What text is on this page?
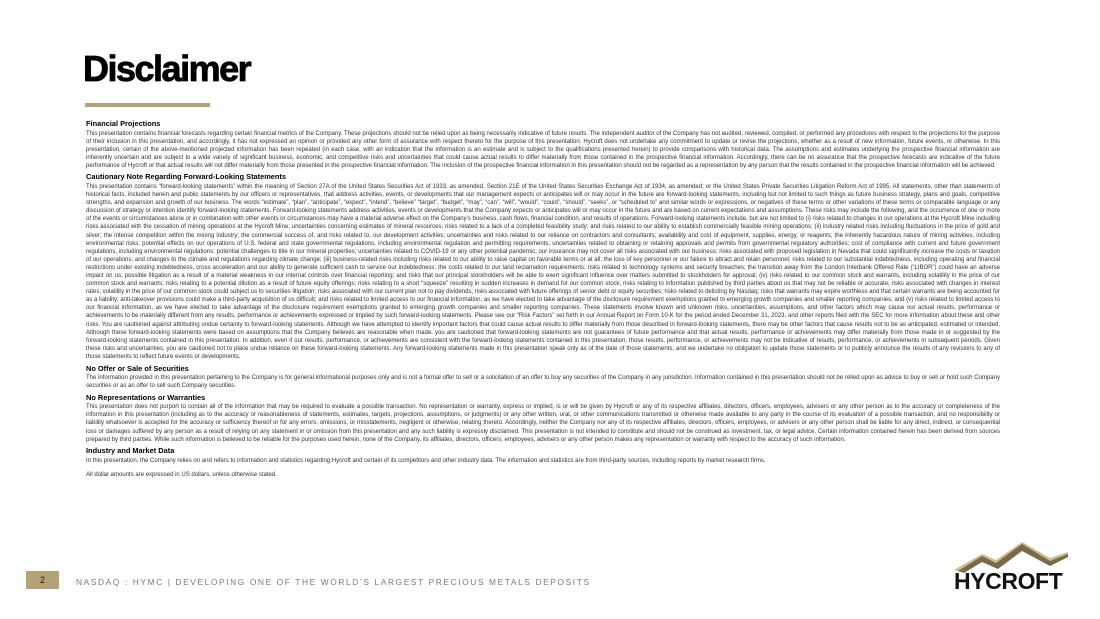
Disclaimer
Financial Projections

This presentation contains financial forecasts regarding certain financial metrics of the Company. These projections should not be relied upon as being necessarily indicative of future results. The independent auditor of the Company has not audited, reviewed, compiled, or performed any procedures with respect to the projections for the purpose of their inclusion in this presentation, and accordingly, it has not expressed an opinion or provided any other form of assurance with respect thereto for the purpose of this presentation. Hycroft does not undertake any commitment to update or revise the projections, whether as a result of new information, future events, or otherwise. In this presentation, certain of the above-mentioned projected information has been repeated (in each case, with an indication that the information is an estimate and is subject to the qualifications presented herein) to provide comparisons with historical data. The assumptions and estimates underlying the prospective financial information are inherently uncertain and are subject to a wide variety of significant business, economic, and competitive risks and uncertainties that could cause actual results to differ materially from those contained in the prospective financial information. Accordingly, there can be no assurance that the prospective forecasts are indicative of the future performance of Hycroft or that actual results will not differ materially from those presented in the prospective financial information. The inclusion of the prospective financial information in this presentation should not be regarded as a representation by any person that the results contained in the prospective financial information will be achieved.

Cautionary Note Regarding Forward-Looking Statements

This presentation contains “forward-looking statements” within the meaning of Section 27A of the United States Securities Act of 1933, as amended, Section 21E of the United States Securities Exchange Act of 1934, as amended; or the United States Private Securities Litigation Reform Act of 1995. All statements, other than statements of historical facts, included herein and public statements by our officers or representatives, that address activities, events, or developments that our management expects or anticipates will or may occur in the future are forward-looking statements, including but not limited to such things as future business strategy, plans and goals, competitive strengths, and expansion and growth of our business. The words “estimate”, “plan”, “anticipate”, “expect”, “intend”, “believe” “target”, “budget”, “may”, “can”, “will”, “would”, “could”, “should”, “seeks”, or “scheduled to” and similar words or expressions, or negatives of these terms or other variations of these terms or comparable language or any discussion of strategy or intention identify forward-looking statements. Forward-looking statements address activities, events or developments that the Company expects or anticipates will or may occur in the future and are based on current expectations and assumptions. These risks may include the following, and the occurrence of one or more of the events or circumstances alone or in combination with other events or circumstances may have a material adverse effect on the Company’s business, cash flows, financial condition, and results of operations. Forward-looking statements include, but are not limited to (i) risks related to changes in our operations at the Hycroft Mine including risks associated with the cessation of mining operations at the Hycroft Mine; uncertainties concerning estimates of mineral resources; risks related to a lack of a completed feasibility study; and risks related to our ability to establish commercially feasible mining operations; (ii) industry related risks including fluctuations in the price of gold and silver; the intense competition within the mining industry; the commercial success of, and risks related to, our development activities; uncertainties and risks related to our reliance on contractors and consultants; availability and cost of equipment, supplies, energy, or reagents; the inherently hazardous nature of mining activities, including environmental risks; potential effects on our operations of U.S. federal and state governmental regulations, including environmental regulation and permitting requirements; uncertainties related to obtaining or retaining approvals and permits from governmental regulatory authorities; cost of compliance with current and future government regulations, including environmental regulations; potential challenges to title in our mineral properties; uncertainties related to COVID-19 or any other potential pandemic; our insurance may not cover all risks associated with our business; risks associated with proposed legislation in Nevada that could significantly increase the costs or taxation of our operations; and changes to the climate and regulations regarding climate change; (iii) business-related risks including risks related to our ability to raise capital on favorable terms or at all; the loss of key personnel or our failure to attract and retain personnel; risks related to our substantial indebtedness, including operating and financial restrictions under existing indebtedness, cross acceleration and our ability to generate sufficient cash to service our indebtedness; the costs related to our land reclamation requirements; risks related to technology systems and security breaches; the transition away from the London Interbank Offered Rate (“LIBOR”) could have an adverse impact on us; possible litigation as a result of a material weakness in our internal controls over financial reporting; and risks that our principal stockholders will be able to exert significant influence over matters submitted to stockholders for approval; (iv) risks related to our common stock and warrants, including volatility in the price of our common stock and warrants; risks relating to a potential dilution as a result of future equity offerings; risks relating to a short “squeeze” resulting in sudden increases in demand for our common stock; risks relating to information published by third parties about us that may not be reliable or accurate; risks associated with changes in interest rates; volatility in the price of our common stock could subject us to securities litigation; risks associated with our current plan not to pay dividends; risks associated with future offerings of senior debt or equity securities; risks related to delisting by Nasdaq; risks that warrants may expire worthless and that certain warrants are being accounted for as a liability; anti-takeover provisions could make a third-party acquisition of us difficult; and risks related to limited access to our financial information, as we have elected to take advantage of the disclosure requirement exemptions granted to emerging growth companies and smaller reporting companies; and (v) risks related to limited access to our financial information, as we have elected to take advantage of the disclosure requirement exemptions granted to emerging growth companies and smaller reporting companies. These statements involve known and unknown risks, uncertainties, assumptions, and other factors which may cause our actual results, performance or achievements to be materially different from any results, performance or achievements expressed or implied by such forward-looking statements. Please see our “Risk Factors” set forth in our Annual Report on Form 10-K for the period ended December 31, 2023, and other reports filed with the SEC for more information about these and other risks. You are cautioned against attributing undue certainty to forward-looking statements. Although we have attempted to identify important factors that could cause actual results to differ materially from those described in forward-looking statements, there may be other factors that cause results not to be as anticipated, estimated or intended. Although these forward-looking statements were based on assumptions that the Company believes are reasonable when made, you are cautioned that forward-looking statements are not guarantees of future performance and that actual results, performance or achievements may differ materially from those made in or suggested by the forward-looking statements contained in this presentation. In addition, even if our results, performance, or achievements are consistent with the forward-looking statements contained in this presentation, those results, performance, or achievements may not be indicative of results, performance, or achievements in subsequent periods. Given these risks and uncertainties, you are cautioned not to place undue reliance on these forward-looking statements. Any forward-looking statements made in this presentation speak only as of the date of those statements, and we undertake no obligation to update those statements or to publicly announce the results of any revisions to any of those statements to reflect future events or developments.

No Offer or Sale of Securities

The information provided in this presentation pertaining to the Company is for general informational purposes only and is not a formal offer to sell or a solicitation of an offer to buy any securities of the Company in any jurisdiction. Information contained in this presentation should not be relied upon as advice to buy or sell or hold such Company securities or as an offer to sell such Company securities.

No Representations or Warranties

This presentation does not purport to contain all of the information that may be required to evaluate a possible transaction. No representation or warranty, express or implied, is or will be given by Hycroft or any of its respective affiliates, directors, officers, employees, advisers or any other person as to the accuracy or completeness of the information in this presentation (including as to the accuracy or reasonableness of statements, estimates, targets, projections, assumptions, or judgments) or any other written, oral, or other communications transmitted or otherwise made available to any party in the course of its evaluation of a possible transaction, and no responsibility or liability whatsoever is accepted for the accuracy or sufficiency thereof or for any errors, omissions, or misstatements, negligent or otherwise, relating thereto. Accordingly, neither the Company nor any of its respective affiliates, directors, officers, employees, or advisers or any other person shall be liable for any direct, indirect, or consequential loss or damages suffered by any person as a result of relying on any statement in or omission from this presentation and any such liability is expressly disclaimed. This presentation is not intended to constitute and should not be construed as investment, tax, or legal advice. Certain information contained herein has been derived from sources prepared by third parties. While such information is believed to be reliable for the purposes used herein, none of the Company, its affiliates, directors, officers, employees, advisers or any other person makes any representation or warranty with respect to the accuracy of such information.

Industry and Market Data

In this presentation, the Company relies on and refers to information and statistics regarding Hycroft and certain of its competitors and other industry data. The information and statistics are from third-party sources, including reports by market research firms.

All dollar amounts are expressed in US dollars, unless otherwise stated.

2	NASDAQ : HYMC | DEVELOPING ONE OF THE WORLD’S LARGEST PRECIOUS METALS DEPOSITS	HYCROFT
